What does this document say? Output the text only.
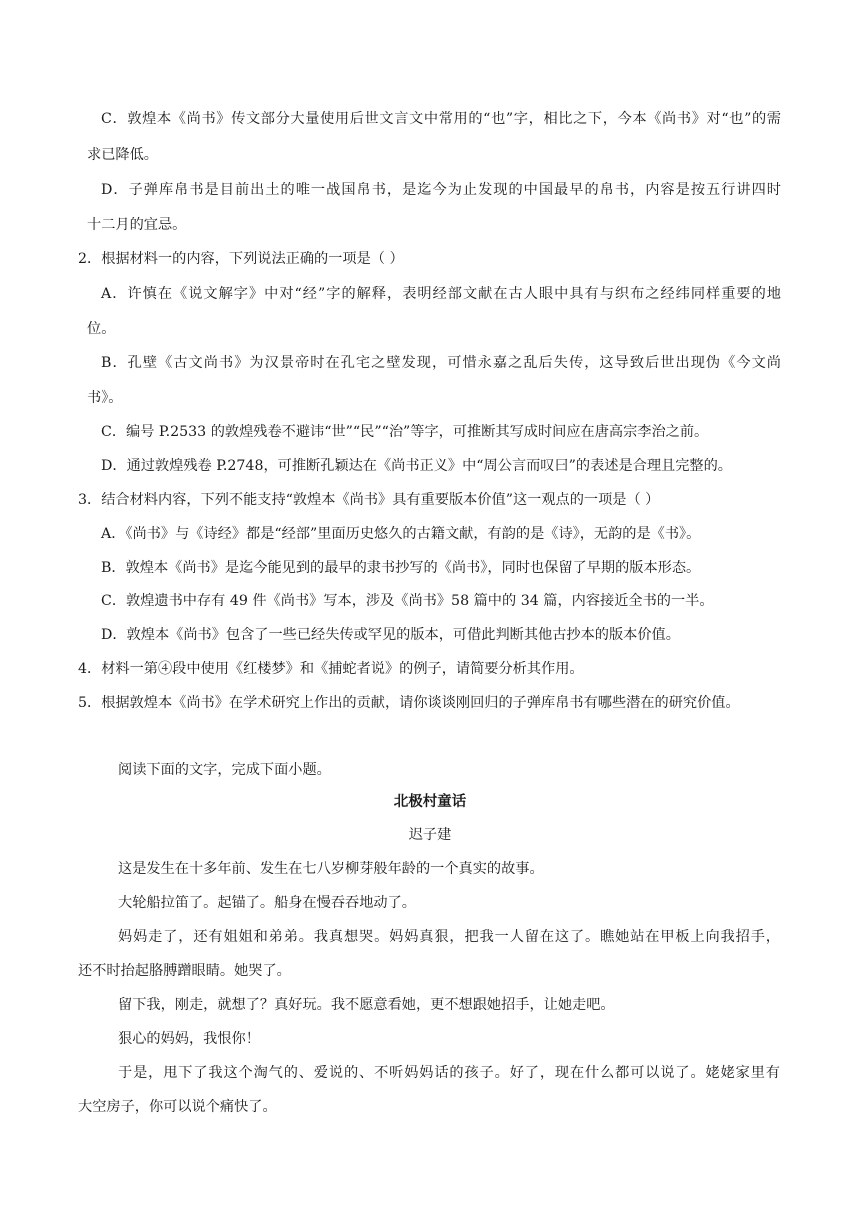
C．敦煌本《尚书》传文部分大量使用后世文言文中常用的“也”字，相比之下，今本《尚书》对“也”的需
求已降低。
D．子弹库帛书是目前出土的唯一战国帛书，是迄今为止发现的中国最早的帛书，内容是按五行讲四时
十二月的宜忌。
2．根据材料一的内容，下列说法正确的一项是（ ）
A．许慎在《说文解字》中对“经”字的解释，表明经部文献在古人眼中具有与织布之经纬同样重要的地
位。
B．孔壁《古文尚书》为汉景帝时在孔宅之壁发现，可惜永嘉之乱后失传，这导致后世出现伪《今文尚
书》。
C．编号 P.2533 的敦煌残卷不避讳“世”“民”“治”等字，可推断其写成时间应在唐高宗李治之前。
D．通过敦煌残卷 P.2748，可推断孔颖达在《尚书正义》中“周公言而叹曰”的表述是合理且完整的。
3．结合材料内容，下列不能支持“敦煌本《尚书》具有重要版本价值”这一观点的一项是（ ）
A．《尚书》与《诗经》都是“经部”里面历史悠久的古籍文献，有韵的是《诗》，无韵的是《书》。
B．敦煌本《尚书》是迄今能见到的最早的隶书抄写的《尚书》，同时也保留了早期的版本形态。
C．敦煌遗书中存有 49 件《尚书》写本，涉及《尚书》58 篇中的 34 篇，内容接近全书的一半。
D．敦煌本《尚书》包含了一些已经失传或罕见的版本，可借此判断其他古抄本的版本价值。
4．材料一第④段中使用《红楼梦》和《捕蛇者说》的例子，请简要分析其作用。
5．根据敦煌本《尚书》在学术研究上作出的贡献，请你谈谈刚回归的子弹库帛书有哪些潜在的研究价值。
阅读下面的文字，完成下面小题。
北极村童话
迟子建
这是发生在十多年前、发生在七八岁柳芽般年龄的一个真实的故事。
大轮船拉笛了。起锚了。船身在慢吞吞地动了。
妈妈走了，还有姐姐和弟弟。我真想哭。妈妈真狠，把我一人留在这了。瞧她站在甲板上向我招手，
还不时抬起胳膊蹭眼睛。她哭了。
留下我，刚走，就想了？真好玩。我不愿意看她，更不想跟她招手，让她走吧。
狠心的妈妈，我恨你！
于是，甩下了我这个淘气的、爱说的、不听妈妈话的孩子。好了，现在什么都可以说了。姥姥家里有
大空房子，你可以说个痛快了。
